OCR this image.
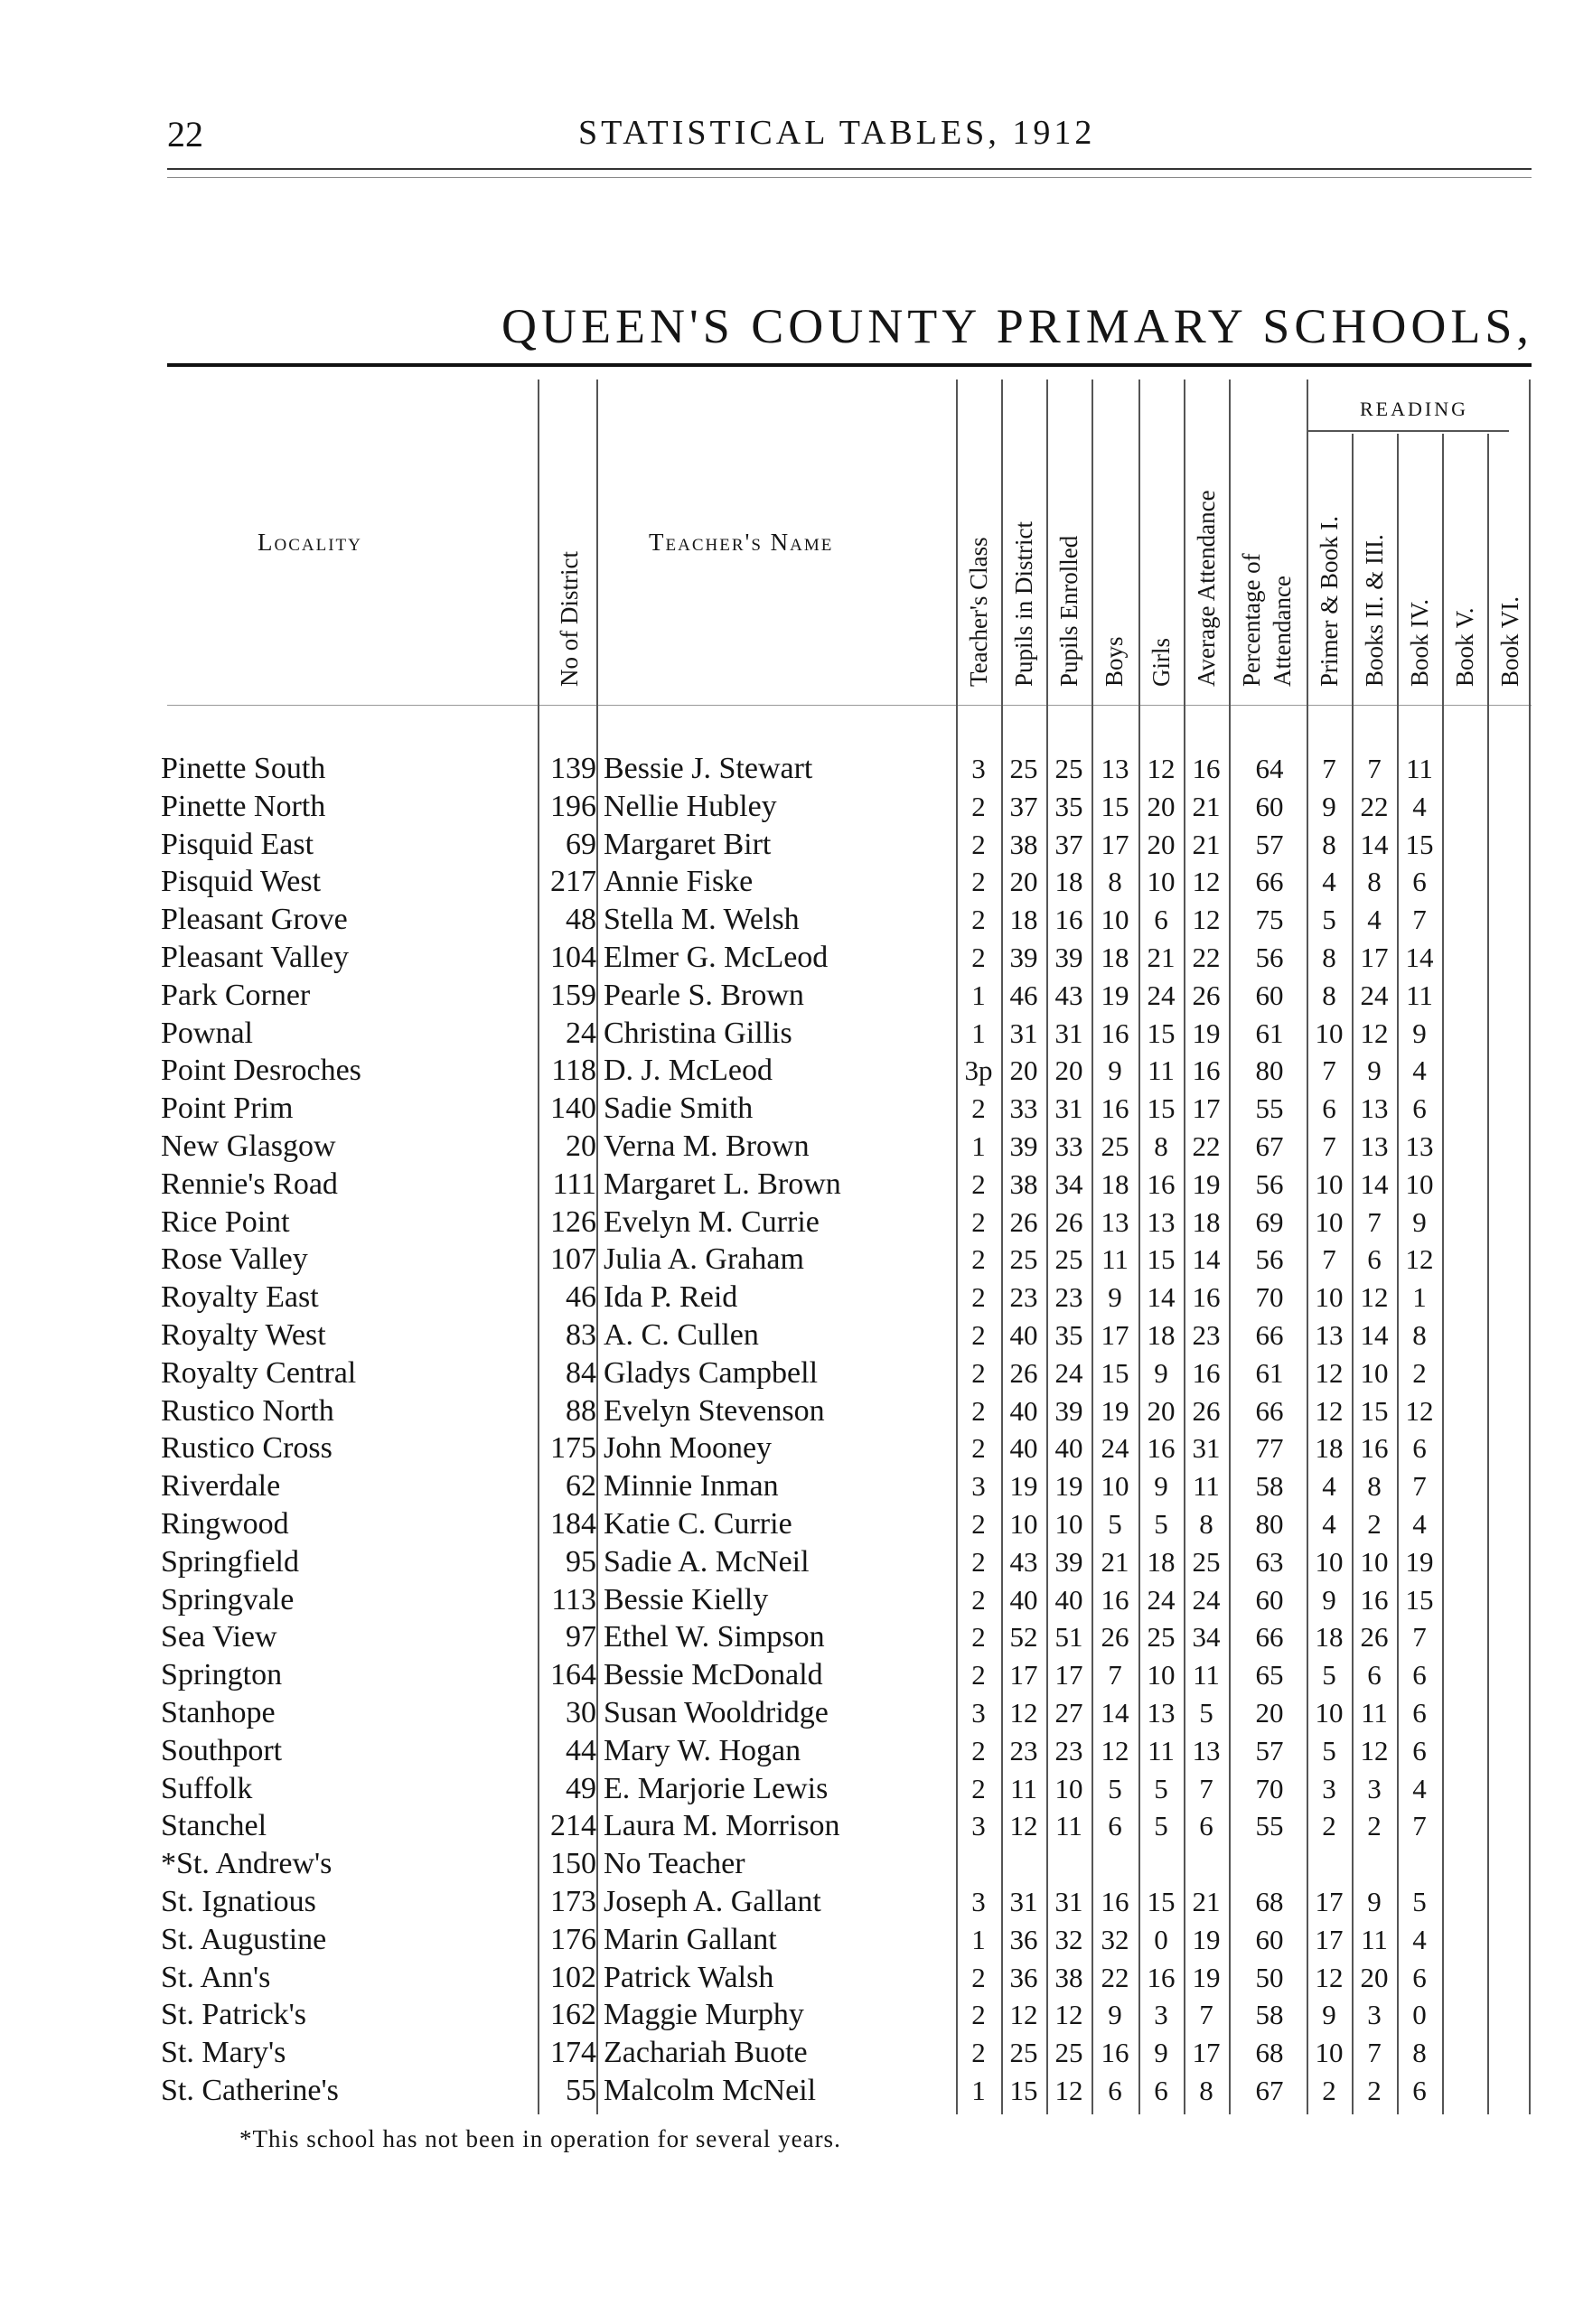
22	STATISTICAL TABLES, 1912
QUEEN'S COUNTY PRIMARY SCHOOLS,
Locality
No of District
Teacher's Name	Teacher's Class Pupils in District Pupils Enrolled Boys Girls Average Attendance Percentage of Attendance
READING
Primer & Book I. Books II. & III. Book IV. Book V. Book VI.
Pinette South	139 Bessie J. Stewart	3 25 25 13 12 16	64	7	7 11
Pinette North	196 Nellie Hubley	2 37 35 15 20 21	60	9 22 4
Pisquid East	69 Margaret Birt	2 38 37 17 20 21	57	8 14 15
Pisquid West	217 Annie Fiske	2 20 18 8 10 12	66	4	8	6
Pleasant Grove	48 Stella M. Welsh	2 18 16 10 6 12	75	5	4	7
Pleasant Valley	104 Elmer G. McLeod	2 39 39 18 21 22	56	8 17 14
Park Corner	159 Pearle S. Brown	1 46 43 19 24 26	60	8 24 11
Pownal	24 Christina Gillis	1 31 31 16 15 19	61	10 12 9
Point Desroches	118 D. J. McLeod	3p 20 20 9 11 16	80	7	9	4
Point Prim	140 Sadie Smith	2 33 31 16 15 17	55	6 13 6
New Glasgow	20 Verna M. Brown	1 39 33 25 8 22	67	7 13 13
Rennie's Road	111 Margaret L. Brown	2 38 34 18 16 19	56	10 14 10
Rice Point	126 Evelyn M. Currie	2 26 26 13 13 18	69	10 7	9
Rose Valley	107 Julia A. Graham	2 25 25 11 15 14	56	7	6 12
Royalty East	46 Ida P. Reid	2 23 23 9 14 16	70	10 12 1
Royalty West	83 A. C. Cullen	2 40 35 17 18 23	66	13 14 8
Royalty Central	84 Gladys Campbell	2 26 24 15 9 16	61	12 10 2
Rustico North	88 Evelyn Stevenson	2 40 39 19 20 26	66	12 15 12
Rustico Cross	175 John Mooney	2 40 40 24 16 31	77	18 16 6
Riverdale	62 Minnie Inman	3 19 19 10 9 11	58	4	8	7
Ringwood	184 Katie C. Currie	2 10 10 5	5	8	80	4	2	4
Springfield	95 Sadie A. McNeil	2 43 39 21 18 25	63	10 10 19
Springvale	113 Bessie Kielly	2 40 40 16 24 24	60	9 16 15
Sea View	97 Ethel W. Simpson	2 52 51 26 25 34	66	18 26 7
Springton	164 Bessie McDonald	2 17 17 7 10 11	65	5	6	6
Stanhope	30 Susan Wooldridge	3 12 27 14 13 5	20	10 11 6
Southport	44 Mary W. Hogan	2 23 23 12 11 13	57	5 12 6
Suffolk	49 E. Marjorie Lewis	2 11 10 5	5	7	70	3	3	4
Stanchel	214 Laura M. Morrison	3 12 11 6	5	6	55	2	2	7
*St. Andrew's	150 No Teacher
St. Ignatious	173 Joseph A. Gallant	3 31 31 16 15 21	68	17 9	5
St. Augustine	176 Marin Gallant	1 36 32 32 0 19	60	17 11 4
St. Ann's	102 Patrick Walsh	2 36 38 22 16 19	50	12 20 6
St. Patrick's	162 Maggie Murphy	2 12 12 9	3	7	58	9	3	0
St. Mary's	174 Zachariah Buote	2 25 25 16 9 17	68	10 7	8
St. Catherine's	55 Malcolm McNeil	1 15 12 6	6	8	67	2	2	6
*This school has not been in operation for several years.
